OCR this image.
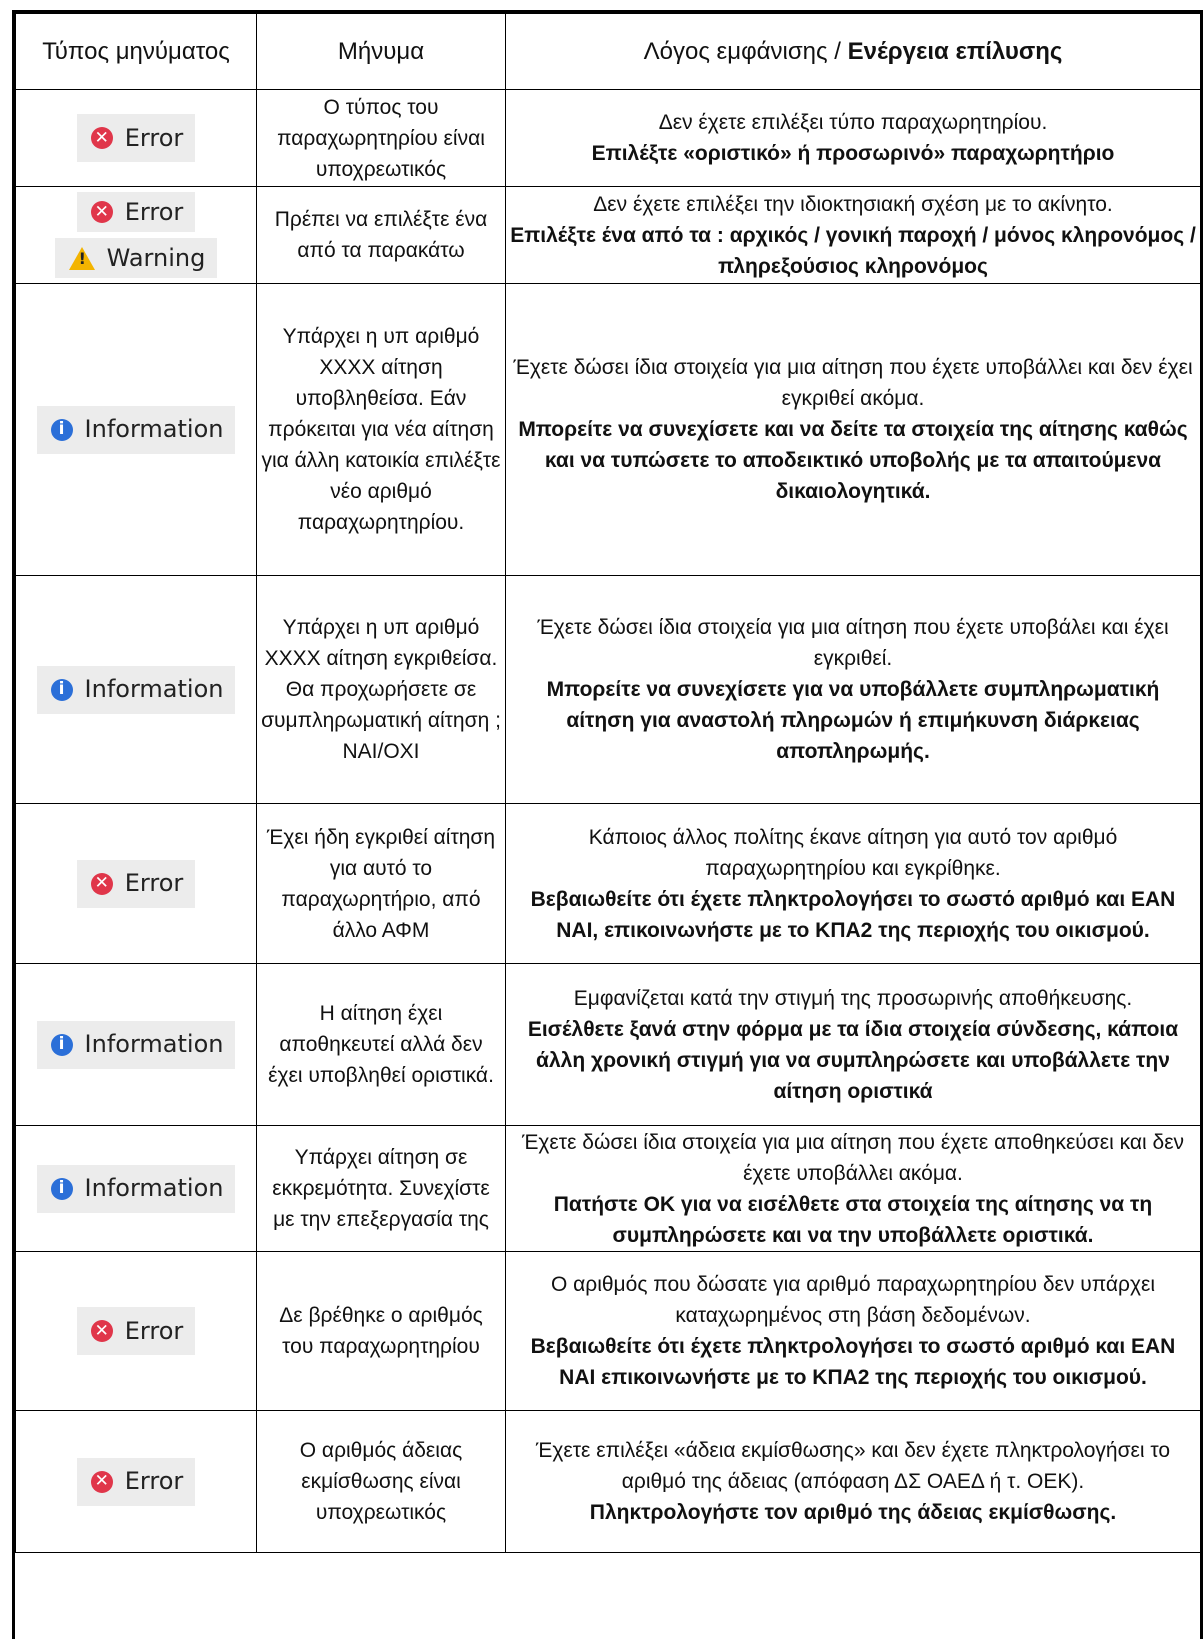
Τύπος μηνύματος	Μήνυμα	Λόγος εμφάνισης / Ενέργεια επίλυσης

✕ Error	Ο τύπος του παραχωρητηρίου είναι υποχρεωτικός	Δεν έχετε επιλέξει τύπο παραχωρητηρίου.
Επιλέξτε «οριστικό» ή προσωρινό» παραχωρητήριο

✕ Error
!
Warning	Πρέπει να επιλέξτε ένα από τα παρακάτω	Δεν έχετε επιλέξει την ιδιοκτησιακή σχέση με το ακίνητο.
Επιλέξτε ένα από τα : αρχικός / γονική παροχή / μόνος κληρονόμος / πληρεξούσιος κληρονόμος

i Information	Υπάρχει η υπ αριθμό ΧΧΧΧ αίτηση υποβληθείσα. Εάν πρόκειται για νέα αίτηση για άλλη κατοικία επιλέξτε νέο αριθμό παραχωρητηρίου.	Έχετε δώσει ίδια στοιχεία για μια αίτηση που έχετε υποβάλλει και δεν έχει εγκριθεί ακόμα.
Μπορείτε να συνεχίσετε και να δείτε τα στοιχεία της αίτησης καθώς και να τυπώσετε το αποδεικτικό υποβολής με τα απαιτούμενα δικαιολογητικά.

i Information	Υπάρχει η υπ αριθμό ΧΧΧΧ αίτηση εγκριθείσα. Θα προχωρήσετε σε συμπληρωματική αίτηση ; ΝΑΙ/ΟΧΙ	Έχετε δώσει ίδια στοιχεία για μια αίτηση που έχετε υποβάλει και έχει εγκριθεί.
Μπορείτε να συνεχίσετε για να υποβάλλετε συμπληρωματική αίτηση για αναστολή πληρωμών ή επιμήκυνση διάρκειας αποπληρωμής.

✕ Error	Έχει ήδη εγκριθεί αίτηση για αυτό το παραχωρητήριο, από άλλο ΑΦΜ	Κάποιος άλλος πολίτης έκανε αίτηση για αυτό τον αριθμό παραχωρητηρίου και εγκρίθηκε.
Βεβαιωθείτε ότι έχετε πληκτρολογήσει το σωστό αριθμό και ΕΑΝ ΝΑΙ, επικοινωνήστε με το ΚΠΑ2 της περιοχής του οικισμού.

i Information	Η αίτηση έχει αποθηκευτεί αλλά δεν έχει υποβληθεί οριστικά.	Εμφανίζεται κατά την στιγμή της προσωρινής αποθήκευσης.
Εισέλθετε ξανά στην φόρμα με τα ίδια στοιχεία σύνδεσης, κάποια άλλη χρονική στιγμή για να συμπληρώσετε και υποβάλλετε την αίτηση οριστικά

i Information	Υπάρχει αίτηση σε εκκρεμότητα. Συνεχίστε με την επεξεργασία της	Έχετε δώσει ίδια στοιχεία για μια αίτηση που έχετε αποθηκεύσει και δεν έχετε υποβάλλει ακόμα.
Πατήστε ΟΚ για να εισέλθετε στα στοιχεία της αίτησης να τη συμπληρώσετε και να την υποβάλλετε οριστικά.

✕ Error	Δε βρέθηκε ο αριθμός του παραχωρητηρίου	Ο αριθμός που δώσατε για αριθμό παραχωρητηρίου δεν υπάρχει καταχωρημένος στη βάση δεδομένων.
Βεβαιωθείτε ότι έχετε πληκτρολογήσει το σωστό αριθμό και ΕΑΝ ΝΑΙ επικοινωνήστε με το ΚΠΑ2 της περιοχής του οικισμού.

✕ Error	Ο αριθμός άδειας εκμίσθωσης είναι υποχρεωτικός	Έχετε επιλέξει «άδεια εκμίσθωσης» και δεν έχετε πληκτρολογήσει το αριθμό της άδειας (απόφαση ΔΣ ΟΑΕΔ ή τ. ΟΕΚ).
Πληκτρολογήστε τον αριθμό της άδειας εκμίσθωσης.
